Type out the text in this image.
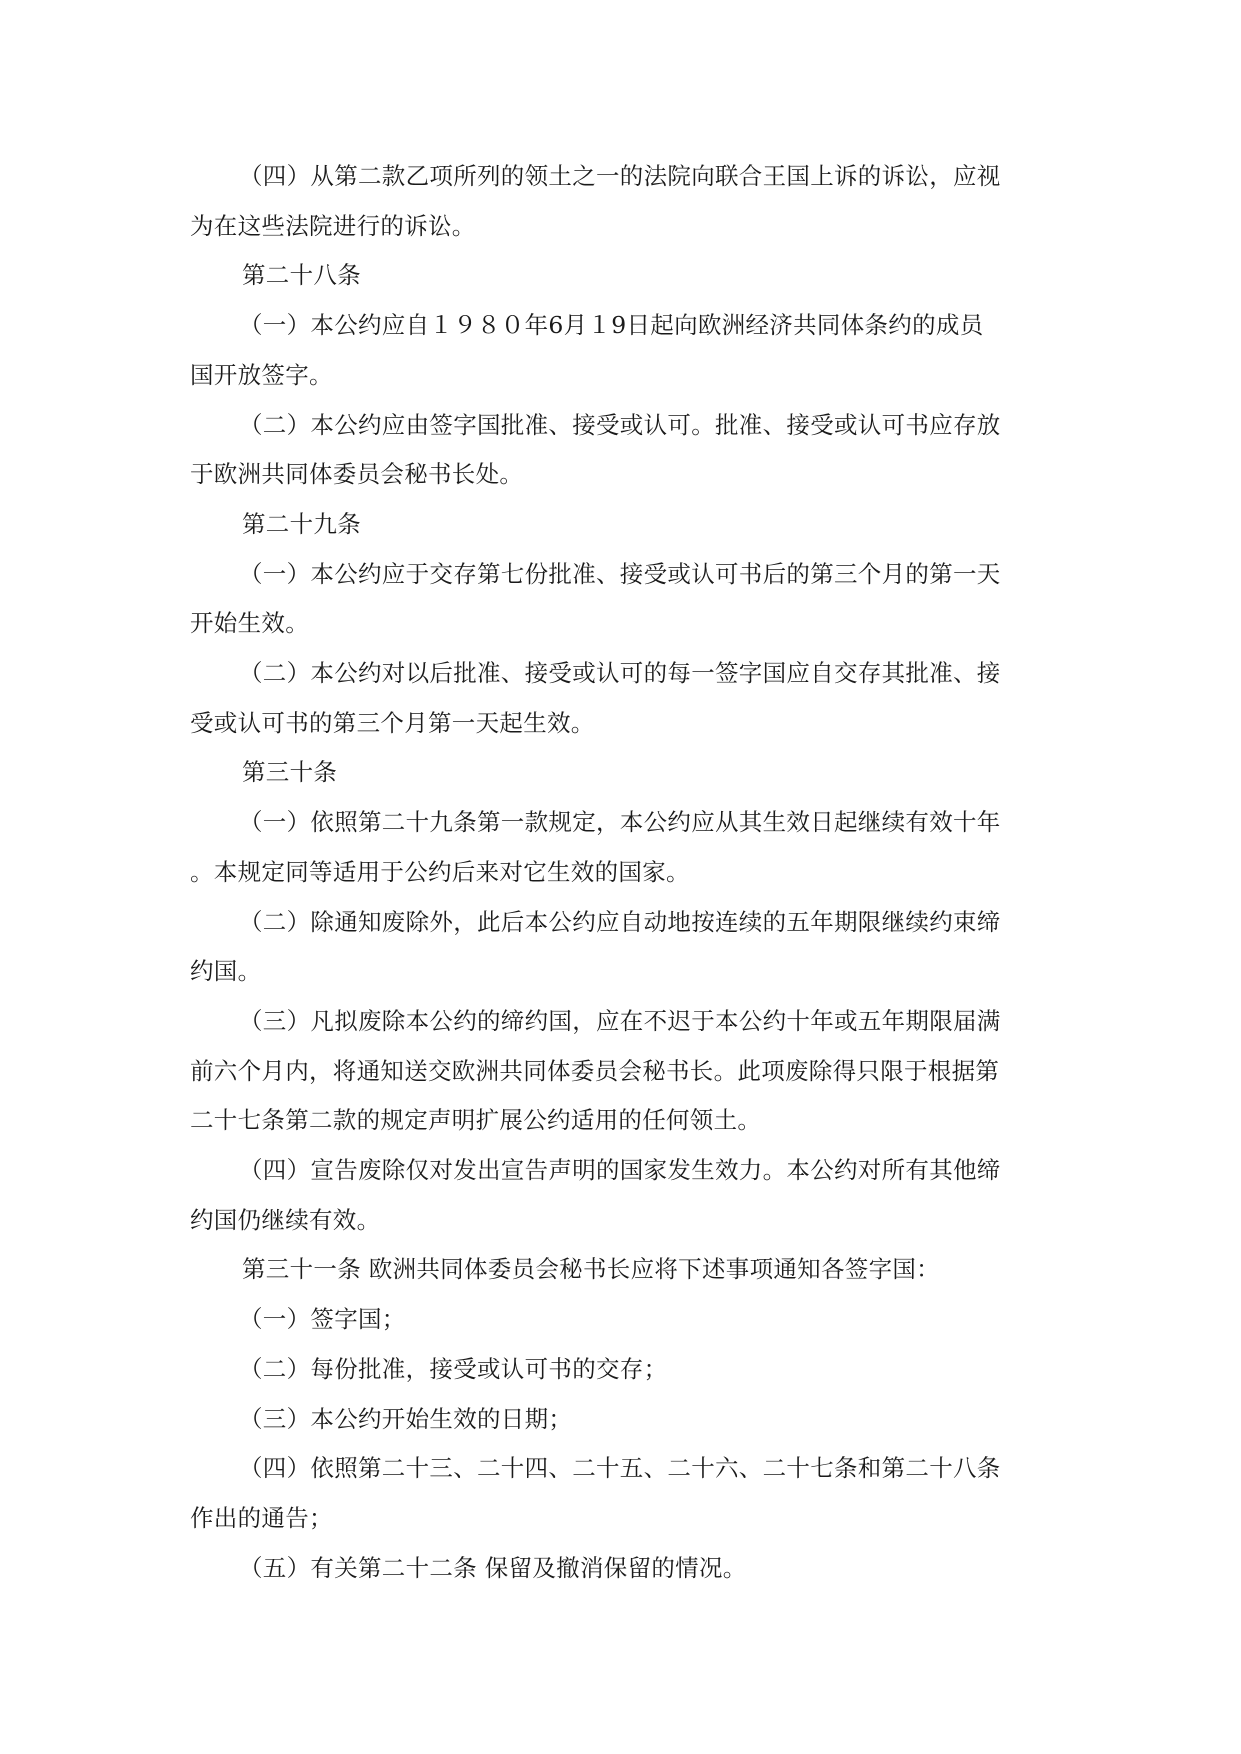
（四）从第二款乙项所列的领土之一的法院向联合王国上诉的诉讼，应视

为在这些法院进行的诉讼。

第二十八条

（一）本公约应自１９８０年6月１9日起向欧洲经济共同体条约的成员

国开放签字。

（二）本公约应由签字国批准、接受或认可。批准、接受或认可书应存放

于欧洲共同体委员会秘书长处。

第二十九条

（一）本公约应于交存第七份批准、接受或认可书后的第三个月的第一天

开始生效。

（二）本公约对以后批准、接受或认可的每一签字国应自交存其批准、接

受或认可书的第三个月第一天起生效。

第三十条

（一）依照第二十九条第一款规定，本公约应从其生效日起继续有效十年

。本规定同等适用于公约后来对它生效的国家。

（二）除通知废除外，此后本公约应自动地按连续的五年期限继续约束缔

约国。

（三）凡拟废除本公约的缔约国，应在不迟于本公约十年或五年期限届满

前六个月内，将通知送交欧洲共同体委员会秘书长。此项废除得只限于根据第

二十七条第二款的规定声明扩展公约适用的任何领土。

（四）宣告废除仅对发出宣告声明的国家发生效力。本公约对所有其他缔

约国仍继续有效。

第三十一条 欧洲共同体委员会秘书长应将下述事项通知各签字国：

（一）签字国；

（二）每份批准，接受或认可书的交存；

（三）本公约开始生效的日期；

（四）依照第二十三、二十四、二十五、二十六、二十七条和第二十八条

作出的通告；

（五）有关第二十二条 保留及撤消保留的情况。
